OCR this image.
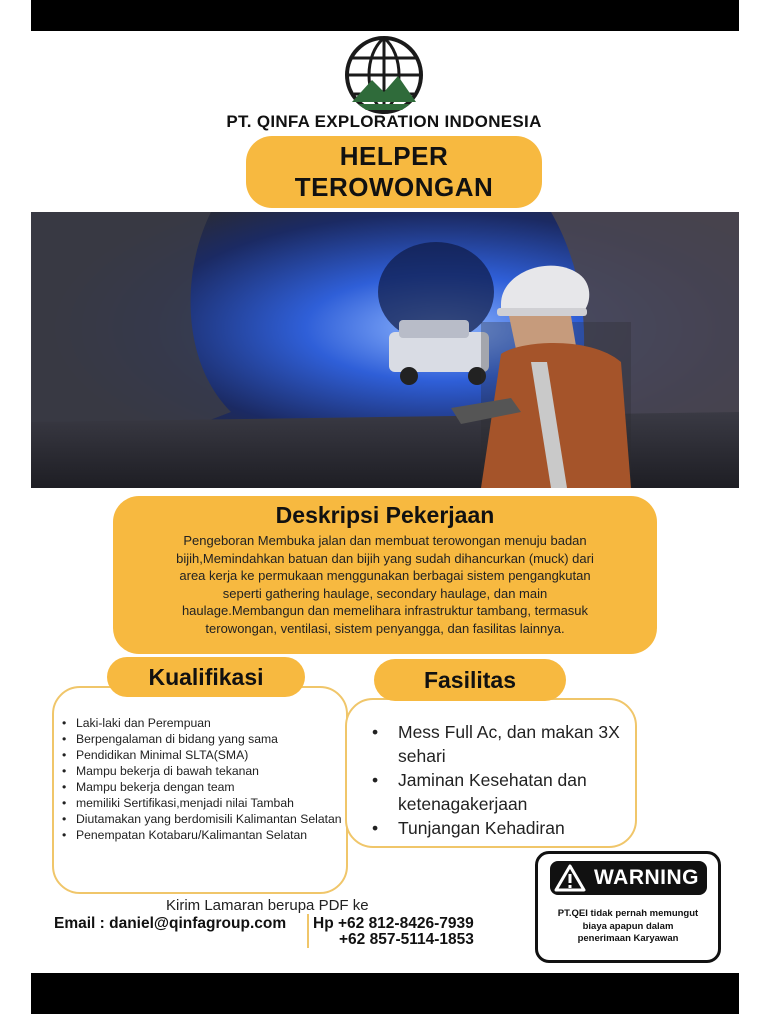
PT. QINFA EXPLORATION INDONESIA
HELPER
TEROWONGAN
Deskripsi Pekerjaan
Pengeboran Membuka jalan dan membuat terowongan menuju badan
bijih,Memindahkan batuan dan bijih yang sudah dihancurkan (muck) dari
area kerja ke permukaan menggunakan berbagai sistem pengangkutan
seperti gathering haulage, secondary haulage, dan main
haulage.Membangun dan memelihara infrastruktur tambang, termasuk
terowongan, ventilasi, sistem penyangga, dan fasilitas lainnya.
Kualifikasi
• Laki-laki dan Perempuan
• Berpengalaman di bidang yang sama
• Pendidikan Minimal SLTA(SMA)
• Mampu bekerja di bawah tekanan
• Mampu bekerja dengan team
• memiliki Sertifikasi,menjadi nilai Tambah
• Diutamakan yang berdomisili Kalimantan Selatan
• Penempatan Kotabaru/Kalimantan Selatan
Fasilitas
• Mess Full Ac, dan makan 3X sehari
• Jaminan Kesehatan dan ketenagakerjaan
• Tunjangan Kehadiran
Kirim Lamaran berupa PDF ke
Email : daniel@qinfagroup.com Hp +62 812-8426-7939
+62 857-5114-1853
WARNING
PT.QEI tidak pernah memungut
biaya apapun dalam
penerimaan Karyawan
